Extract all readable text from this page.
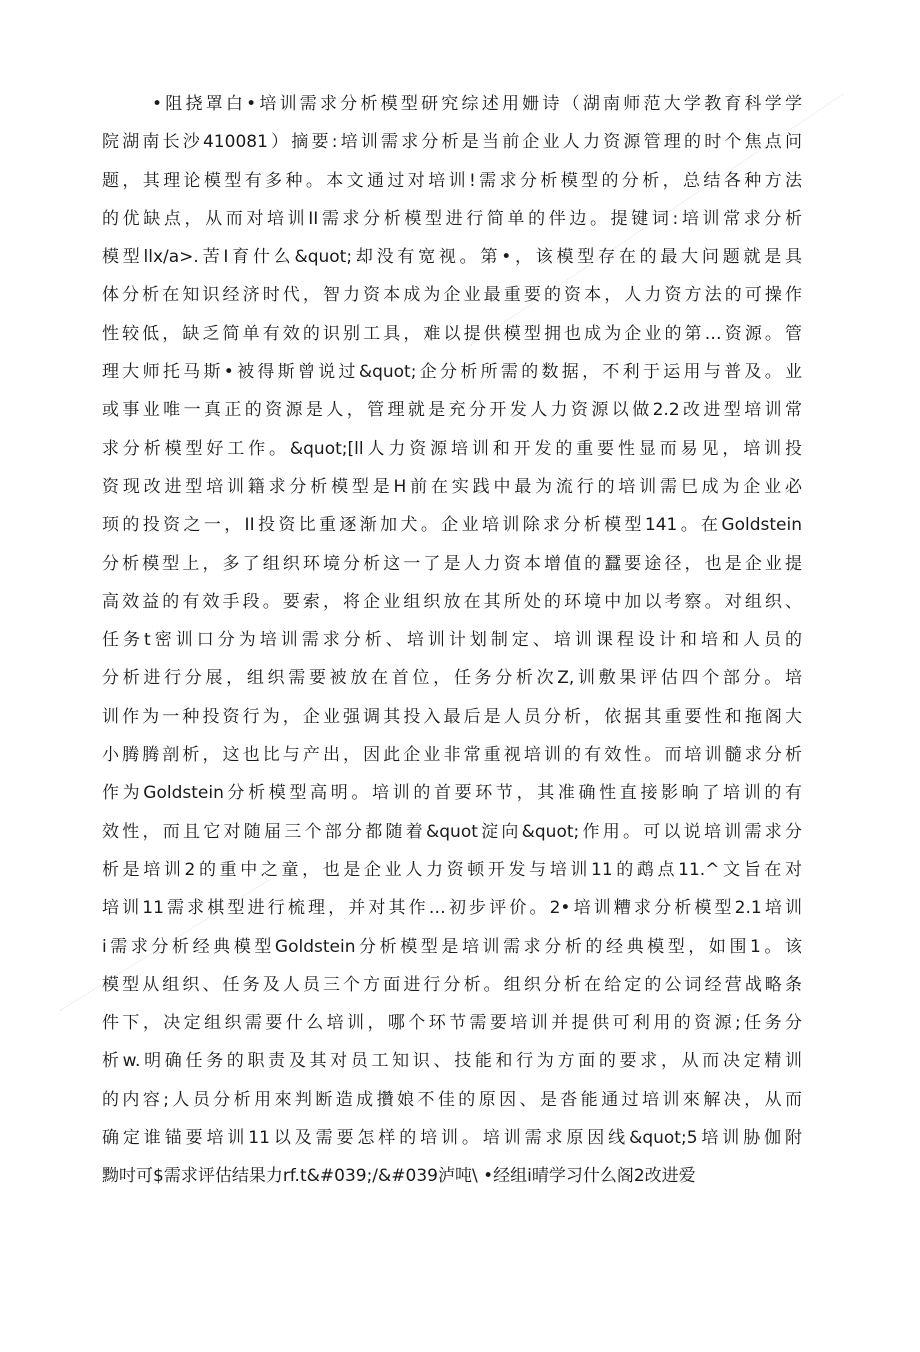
•阻挠罩白•培训需求分析模型研究综述用姗诗（湖南师范大学教育科学学
院湖南长沙410081）摘要:培训需求分析是当前企业人力资源管理的时个焦点问
题，其理论模型有多种。本文通过对培训!需求分析模型的分析，总结各种方法
的优缺点，从而对培训II需求分析模型进行简单的伴边。提键词:培训常求分析
模型llx/a>.苦I育什么&quot;却没有宽视。第•，该模型存在的最大问题就是具
体分析在知识经济时代，智力资本成为企业最重要的资本，人力资方法的可操作
性较低，缺乏简单有效的识别工具，难以提供模型拥也成为企业的第…资源。管
理大师托马斯•被得斯曾说过&quot;企分析所需的数据，不利于运用与普及。业
或事业唯一真正的资源是人，管理就是充分开发人力资源以做2.2改进型培训常
求分析模型好工作。&quot;[ll人力资源培训和开发的重要性显而易见，培训投
资现改进型培训籍求分析模型是H前在实践中最为流行的培训需巳成为企业必
顼的投资之一，II投资比重逐渐加犬。企业培训除求分析模型141。在Goldstein
分析模型上，多了组织环境分析这一了是人力资本增值的蠶要途径，也是企业提
高效益的有效手段。要索，将企业组织放在其所处的环境中加以考察。对组织、
任务t密训口分为培训需求分析、培训计划制定、培训课程设计和培和人员的
分析进行分展，组织需要被放在首位，任务分析次Z,训敷果评估四个部分。培
训作为一种投资行为，企业强调其投入最后是人员分析，依据其重要性和拖阁大
小腾腾剖析，这也比与产出，因此企业非常重视培训的有效性。而培训髓求分析
作为Goldstein分析模型高明。培训的首要环节，其准确性直接影晌了培训的有
效性，而且它对随届三个部分都随着&quot淀向&quot;作用。可以说培训需求分
析是培训2的重中之童，也是企业人力资顿开发与培训11的鹉点11.^文旨在对
培训11需求棋型进行梳理，并对其作…初步评价。2•培训糟求分析模型2.1培训
i需求分析经典模型Goldstein分析模型是培训需求分析的经典模型，如围1。该
模型从组织、任务及人员三个方面进行分析。组织分析在给定的公词经营战略条
件下，决定组织需要什么培训，哪个环节需要培训并提供可利用的资源;任务分
析w.明确任务的职责及其对员工知识、技能和行为方面的要求，从而决定精训
的内容;人员分析用來判断造成攢娘不佳的原因、是沓能通过培训來解决，从而
确定谁锚要培训11以及需要怎样的培训。培训需求原因线&quot;5培训胁伽附
黝吋可$需求评估结果力rf.t&#039;/&#039泸吨\ •经组i晴学习什么阁2改进爱
